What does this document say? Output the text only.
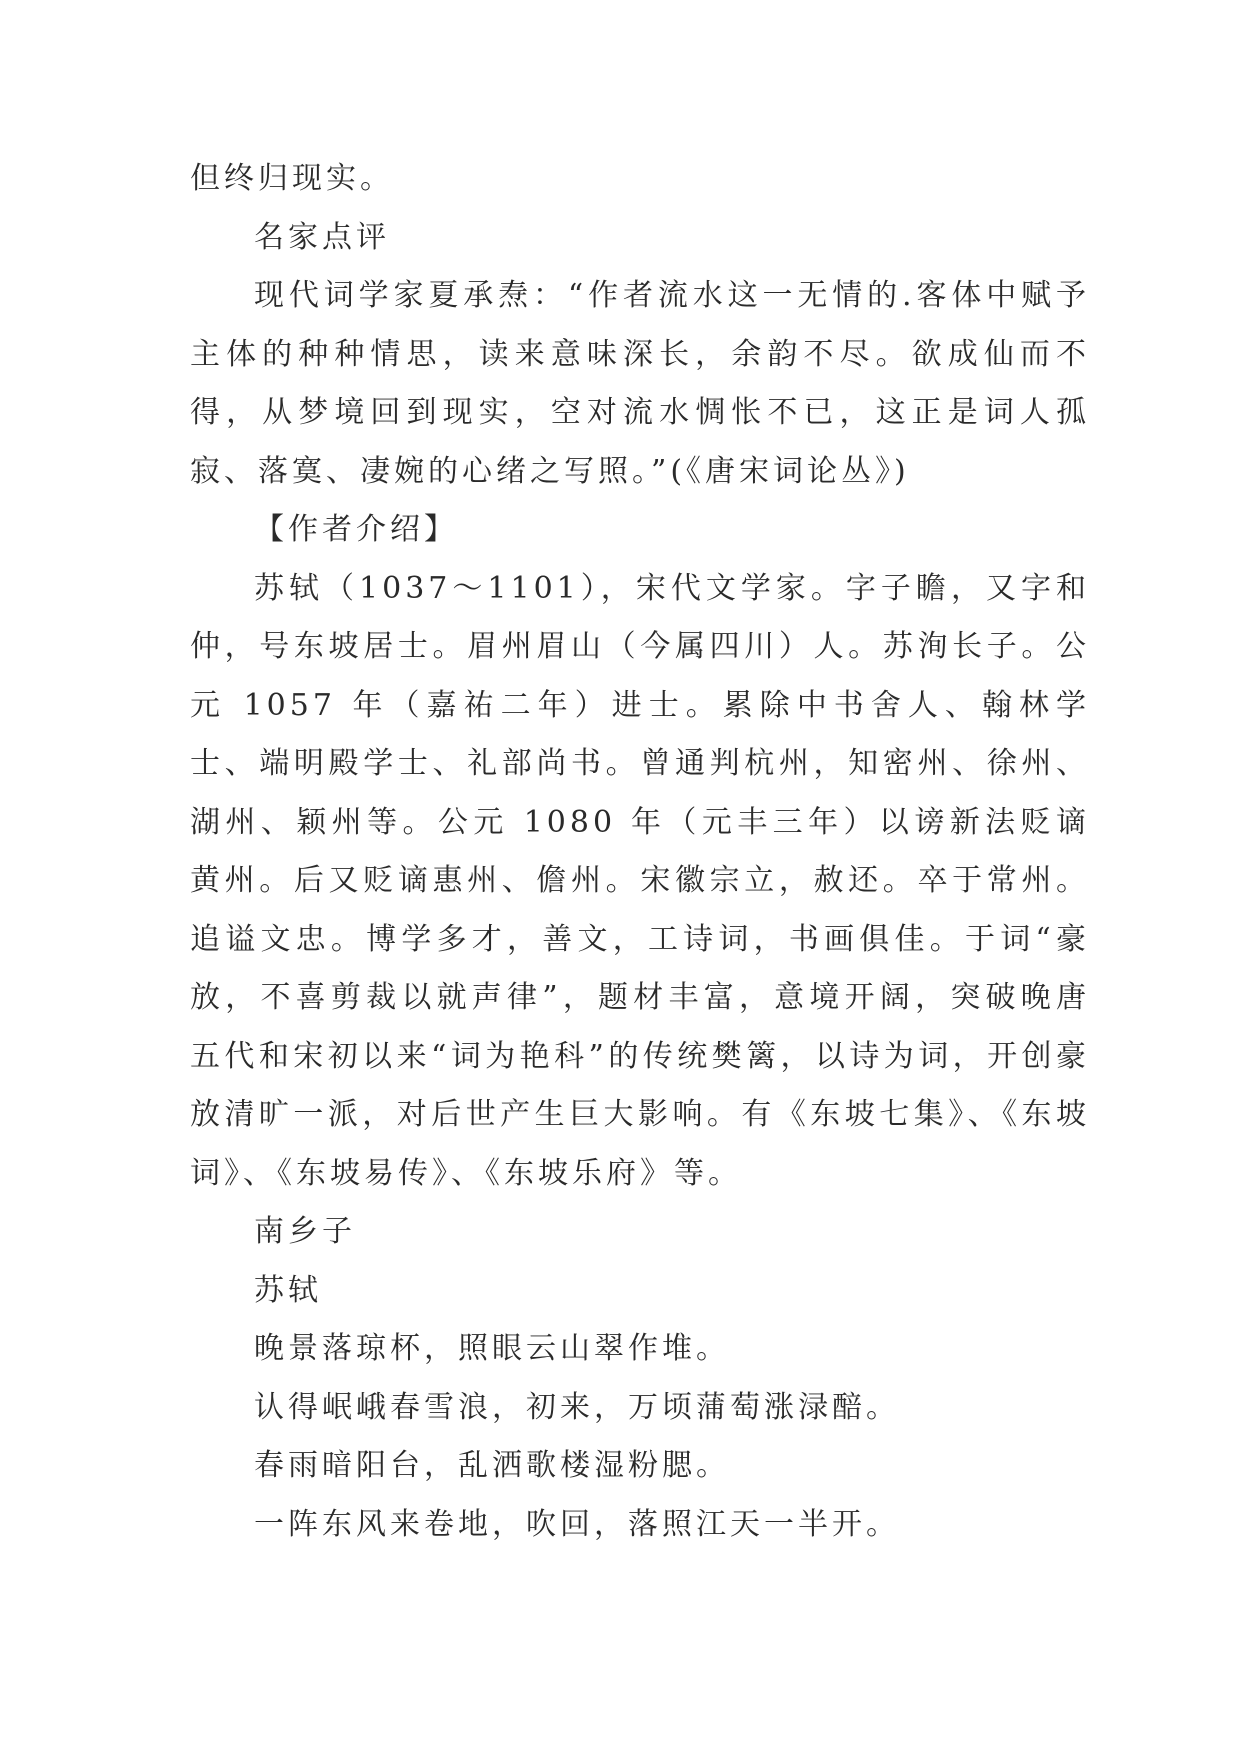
但终归现实。

名家点评

现代词学家夏承焘：“作者流水这一无情的.客体中赋予主体的种种情思，读来意味深长，余韵不尽。欲成仙而不得，从梦境回到现实，空对流水惆怅不已，这正是词人孤寂、落寞、凄婉的心绪之写照。”(《唐宋词论丛》)

【作者介绍】

苏轼（1037～1101），宋代文学家。字子瞻，又字和仲，号东坡居士。眉州眉山（今属四川）人。苏洵长子。公元 1057 年（嘉祐二年）进士。累除中书舍人、翰林学士、端明殿学士、礼部尚书。曾通判杭州，知密州、徐州、湖州、颖州等。公元 1080 年（元丰三年）以谤新法贬谪黄州。后又贬谪惠州、儋州。宋徽宗立，赦还。卒于常州。追谥文忠。博学多才，善文，工诗词，书画俱佳。于词“豪放，不喜剪裁以就声律”，题材丰富，意境开阔，突破晚唐五代和宋初以来“词为艳科”的传统樊篱，以诗为词，开创豪放清旷一派，对后世产生巨大影响。有《东坡七集》、《东坡词》、《东坡易传》、《东坡乐府》等。

南乡子

苏轼

晚景落琼杯，照眼云山翠作堆。

认得岷峨春雪浪，初来，万顷蒲萄涨渌醅。

春雨暗阳台，乱洒歌楼湿粉腮。

一阵东风来卷地，吹回，落照江天一半开。
